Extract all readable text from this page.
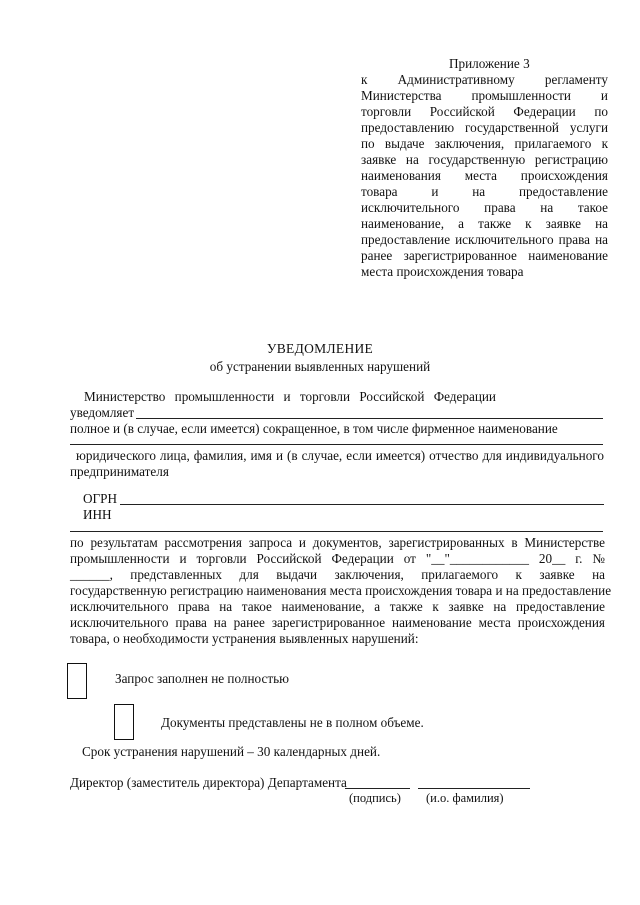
Приложение 3
к Административному регламенту
Министерства промышленности и
торговли Российской Федерации по
предоставлению государственной услуги
по выдаче заключения, прилагаемого к
заявке на государственную регистрацию
наименования места происхождения
товара и на предоставление
исключительного права на такое
наименование, а также к заявке на
предоставление исключительного права на
ранее зарегистрированное наименование
места происхождения товара
УВЕДОМЛЕНИЕ
об устранении выявленных нарушений
Министерство промышленности и торговли Российской Федерации
уведомляет
полное и (в случае, если имеется) сокращенное, в том числе фирменное наименование
юридического лица, фамилия, имя и (в случае, если имеется) отчество для индивидуального
предпринимателя
ОГРН
ИНН
по результатам рассмотрения запроса и документов, зарегистрированных в Министерстве
промышленности и торговли Российской Федерации от "__"____________ 20__ г. №
______, представленных для выдачи заключения, прилагаемого к заявке на
государственную регистрацию наименования места происхождения товара и на предоставление
исключительного права на такое наименование, а также к заявке на предоставление
исключительного права на ранее зарегистрированное наименование места происхождения
товара, о необходимости устранения выявленных нарушений:
Запрос заполнен не полностью
Документы представлены не в полном объеме.
Срок устранения нарушений – 30 календарных дней.
Директор (заместитель директора) Департамента
(подпись) (и.о. фамилия)
